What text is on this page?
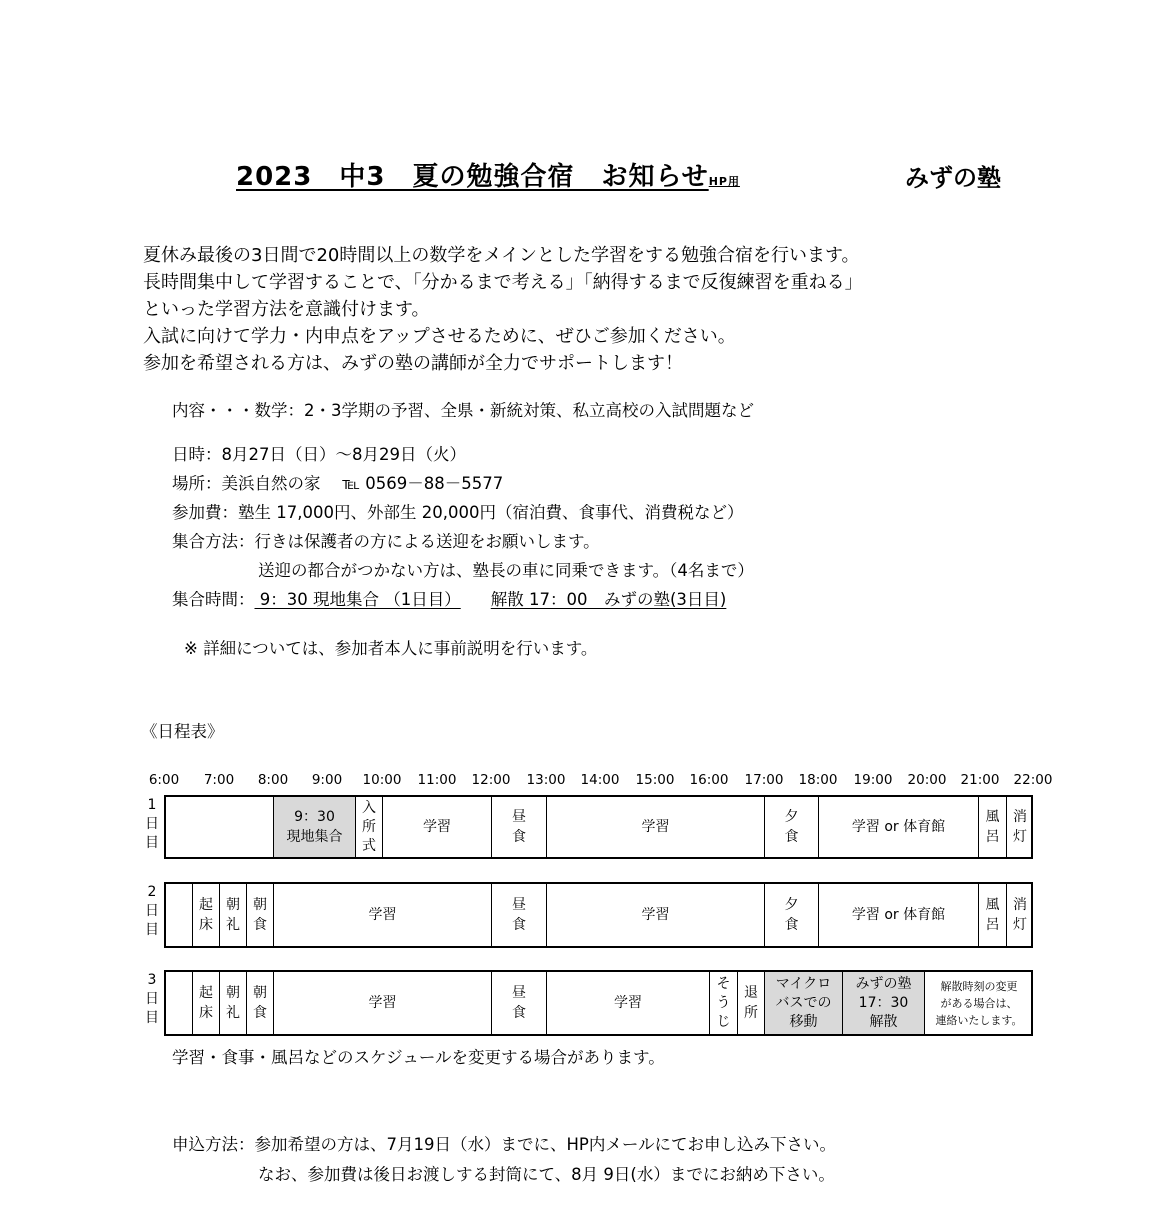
2023　中3　夏の勉強合宿　お知らせHP用	みずの塾
夏休み最後の3日間で20時間以上の数学をメインとした学習をする勉強合宿を行います。
長時間集中して学習することで、「分かるまで考える」「納得するまで反復練習を重ねる」
といった学習方法を意識付けます。
入試に向けて学力・内申点をアップさせるために、ぜひご参加ください。
参加を希望される方は、みずの塾の講師が全力でサポートします！
内容・・・数学：2・3学期の予習、全県・新統対策、私立高校の入試問題など
日時：8月27日（日）～8月29日（火）
場所：美浜自然の家　 ℡ 0569－88－5577
参加費：塾生 17,000円、外部生 20,000円（宿泊費、食事代、消費税など）
集合方法：行きは保護者の方による送迎をお願いします。
送迎の都合がつかない方は、塾長の車に同乗できます。（4名まで）
集合時間： 9：30 現地集合 （1日目） 解散 17：00　みずの塾(3日目)
※ 詳細については、参加者本人に事前説明を行います。
《日程表》
6:00 7:00 8:00 9:00 10:00 11:00 12:00 13:00 14:00 15:00 16:00 17:00 18:00 19:00 20:00 21:00 22:00
1
日
目
9：30
現地集合
入
所
式
学習
昼
食
学習
夕
食
学習 or 体育館
風
呂
消
灯
2
日
目
起
床
朝
礼
朝
食
学習
昼
食
学習
夕
食
学習 or 体育館
風
呂
消
灯
3
日
目
起
床
朝
礼
朝
食
学習
昼
食
学習
そ
う
じ
退
所
マイクロ
バスでの
移動
みずの塾
17：30
解散
解散時刻の変更
がある場合は、
連絡いたします。
学習・食事・風呂などのスケジュールを変更する場合があります。
申込方法：参加希望の方は、7月19日（水）までに、HP内メールにてお申し込み下さい。
なお、参加費は後日お渡しする封筒にて、8月 9日(水）までにお納め下さい。
